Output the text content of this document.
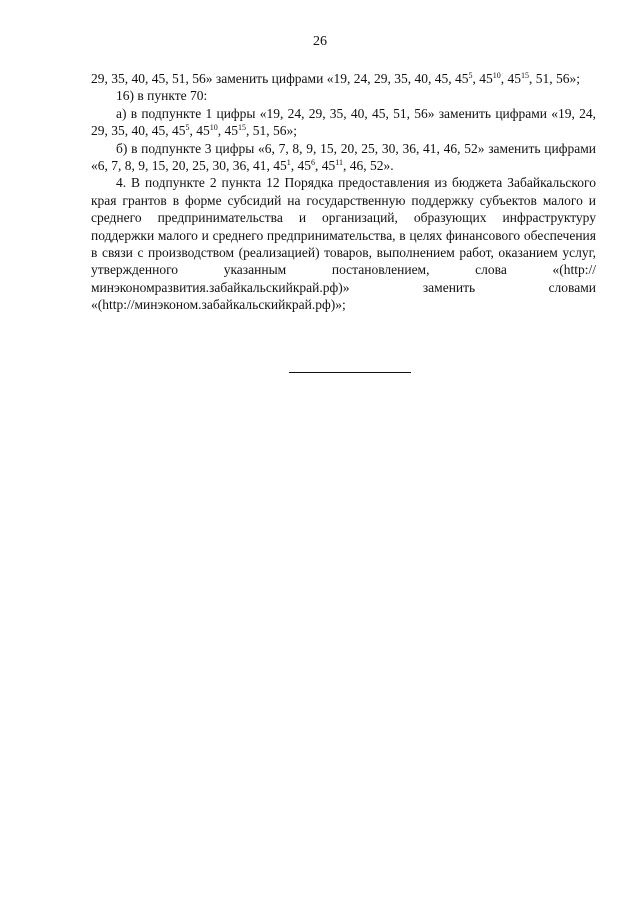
26

29, 35, 40, 45, 51, 56» заменить цифрами «19, 24, 29, 35, 40, 45, $45^5$, $45^{10}$, $45^{15}$, 51, 56»;

16) в пункте 70:

а) в подпункте 1 цифры «19, 24, 29, 35, 40, 45, 51, 56» заменить цифрами «19, 24, 29, 35, 40, 45, $45^5$, $45^{10}$, $45^{15}$, 51, 56»;

б) в подпункте 3 цифры «6, 7, 8, 9, 15, 20, 25, 30, 36, 41, 46, 52» заменить цифрами «6, 7, 8, 9, 15, 20, 25, 30, 36, 41, $45^1$, $45^6$, $45^{11}$, 46, 52».

4. В подпункте 2 пункта 12 Порядка предоставления из бюджета Забайкальского края грантов в форме субсидий на государственную поддержку субъектов малого и среднего предпринимательства и организаций, образующих инфраструктуру поддержки малого и среднего предпринимательства, в целях финансового обеспечения в связи с производством (реализацией) товаров, выполнением работ, оказанием услуг, утвержденного указанным постановлением, слова «(http://минэкономразвития.забайкальскийкрай.рф)» заменить словами

«(http://минэконом.забайкальскийкрай.рф)»;
